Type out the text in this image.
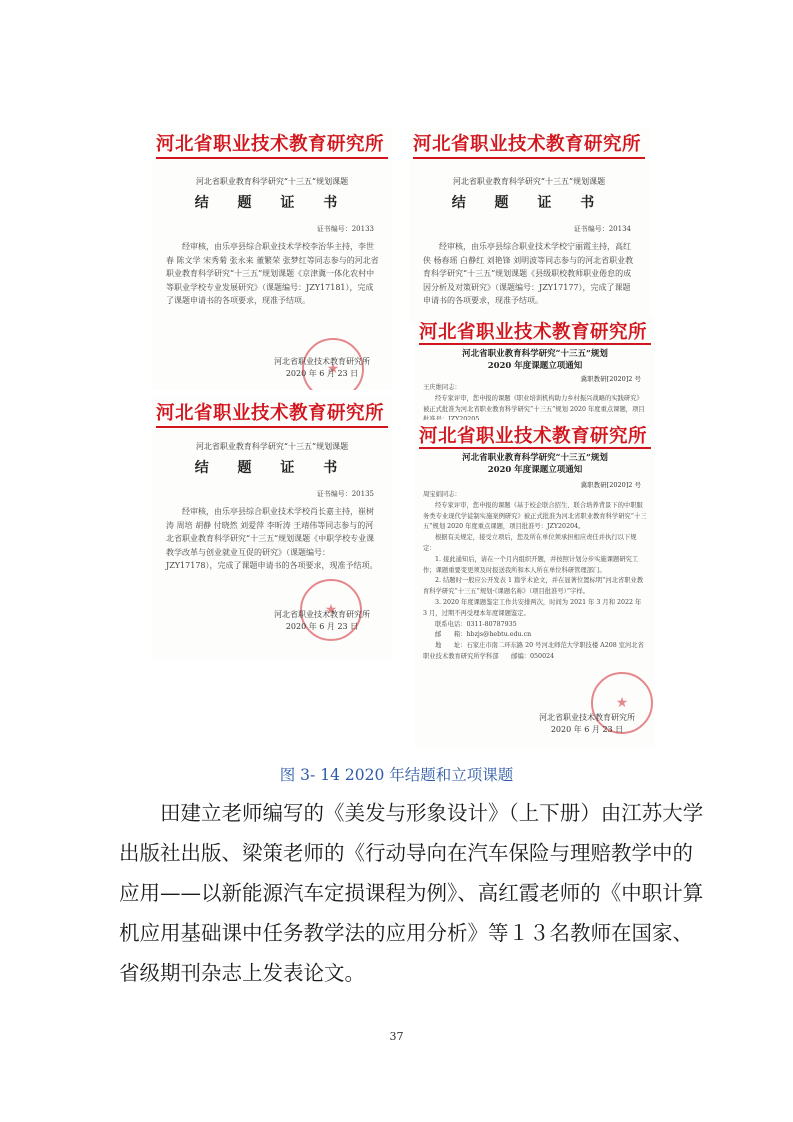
河北省职业技术教育研究所
河北省职业教育科学研究“十三五”规划课题
结 题 证 书
证书编号：20133
经审核，由乐亭县综合职业技术学校李治华主持，李世春 陈文学 宋秀菊 张永来 董繁荣 张梦红等同志参与的河北省职业教育科学研究“十三五”规划课题《京津冀一体化农村中等职业学校专业发展研究》（课题编号：JZY17181），完成了课题申请书的各项要求，现准予结项。
★
河北省职业技术教育研究所
2020 年 6 月 23 日
河北省职业技术教育研究所
河北省职业教育科学研究“十三五”规划课题
结 题 证 书
证书编号：20134
经审核，由乐亭县综合职业技术学校宁丽霞主持，高红侠 杨春瑶 白静红 刘艳锋 刘明波等同志参与的河北省职业教育科学研究“十三五”规划课题《县级职校教师职业倦怠的成因分析及对策研究》（课题编号：JZY17177），完成了课题申请书的各项要求，现准予结项。
河北省职业技术教育研究所
河北省职业教育科学研究“十三五”规划课题
结 题 证 书
证书编号：20135
经审核，由乐亭县综合职业技术学校肖长嘉主持，崔树涛 周培 胡静 付晓然 刘爱萍 李昕涛 王靖伟等同志参与的河北省职业教育科学研究“十三五”规划课题《中职学校专业课教学改革与创业就业互促的研究》（课题编号：JZY17178），完成了课题申请书的各项要求，现准予结项。
★
河北省职业技术教育研究所
2020 年 6 月 23 日
河北省职业技术教育研究所
河北省职业教育科学研究“十三五”规划
2020 年度课题立项通知
冀职教研[2020]2 号

王庆维同志：

经专家评审，您申报的课题《职业培训机构助力乡村振兴战略的实践研究》被正式批准为河北省职业教育科学研究“十三五”规划 2020 年度重点课题，项目

河北省职业技术教育研究所
河北省职业教育科学研究“十三五”规划
2020 年度课题立项通知
冀职教研[2020]2 号

周宝娟同志：

经专家评审，您申报的课题《基于校企联合招生、联合培养背景下的中职服务类专业现代学徒制实施案例研究》被正式批准为河北省职业教育科学研究“十三五”规划 2020 年度重点课题，项目批准号：JZY20204。

根据有关规定，接受立项后，您及所在单位须承担相应责任并执行以下规定：

1. 接此通知后，请在一个月内组织开题，并按照计划分步实施课题研究工作；课题重要变更须及时报送我所和本人所在单位科研管理部门。

2. 结题时一般应公开发表 1 篇学术论文，并在显著位置标明“河北省职业教育科学研究“十三五”规划·《课题名称》（项目批准号）”字样。

3. 2020 年度课题鉴定工作共安排两次，时间为 2021 年 3 月和 2022 年 3 月，过期不再受理本年度课题鉴定。

联系电话：0311-80787935

邮　　箱：hbzjs@hebtu.edu.cn

地　　址：石家庄市南二环东路 20 号河北师范大学职技楼 A208 室河北省职业技术教育研究所学科部　　邮编：050024

★
河北省职业技术教育研究所
2020 年 6 月 23 日
图 3- 14 2020 年结题和立项课题
田建立老师编写的《美发与形象设计》（上下册）由江苏大学出版社出版、梁策老师的《行动导向在汽车保险与理赔教学中的应用——以新能源汽车定损课程为例》、高红霞老师的《中职计算机应用基础课中任务教学法的应用分析》等１３名教师在国家、省级期刊杂志上发表论文。
37
